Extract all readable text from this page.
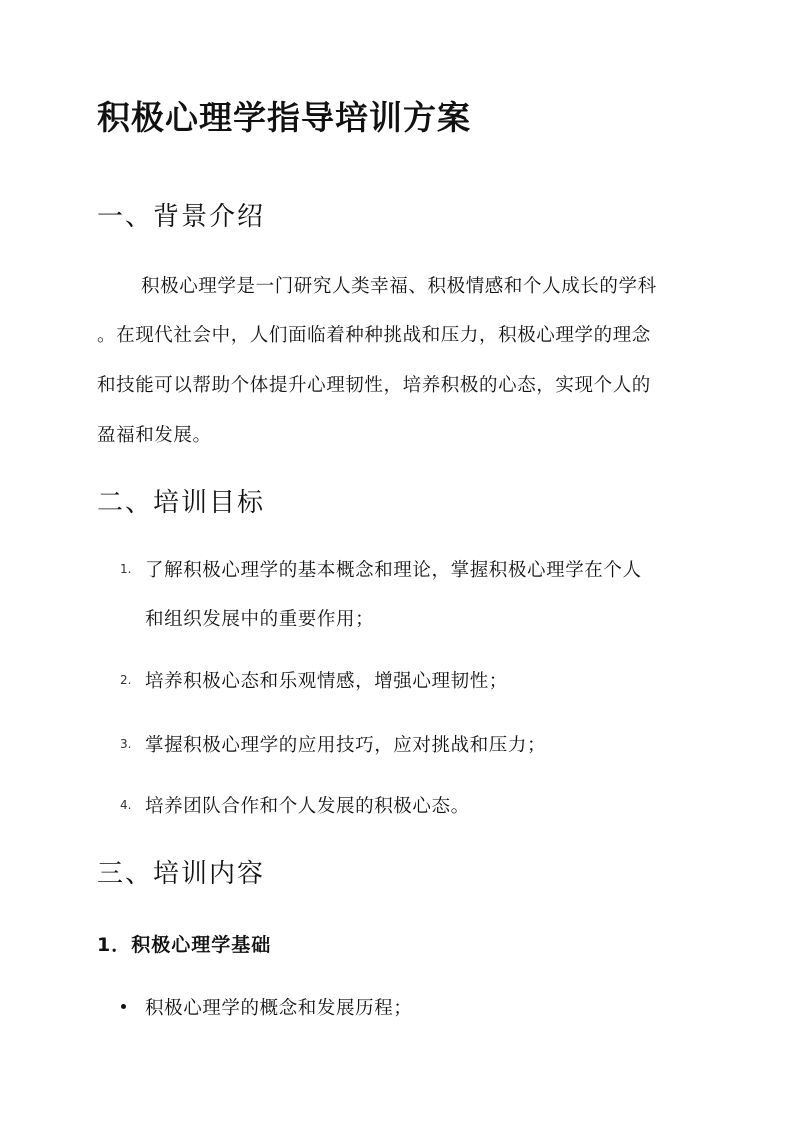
积极心理学指导培训方案
一、背景介绍
积极心理学是一门研究人类幸福、积极情感和个人成长的学科
。在现代社会中，人们面临着种种挑战和压力，积极心理学的理念
和技能可以帮助个体提升心理韧性，培养积极的心态，实现个人的
盈福和发展。
二、培训目标
1. 了解积极心理学的基本概念和理论，掌握积极心理学在个人
和组织发展中的重要作用；
2. 培养积极心态和乐观情感，增强心理韧性；
3. 掌握积极心理学的应用技巧，应对挑战和压力；
4. 培养团队合作和个人发展的积极心态。
三、培训内容
1．积极心理学基础
积极心理学的概念和发展历程；
